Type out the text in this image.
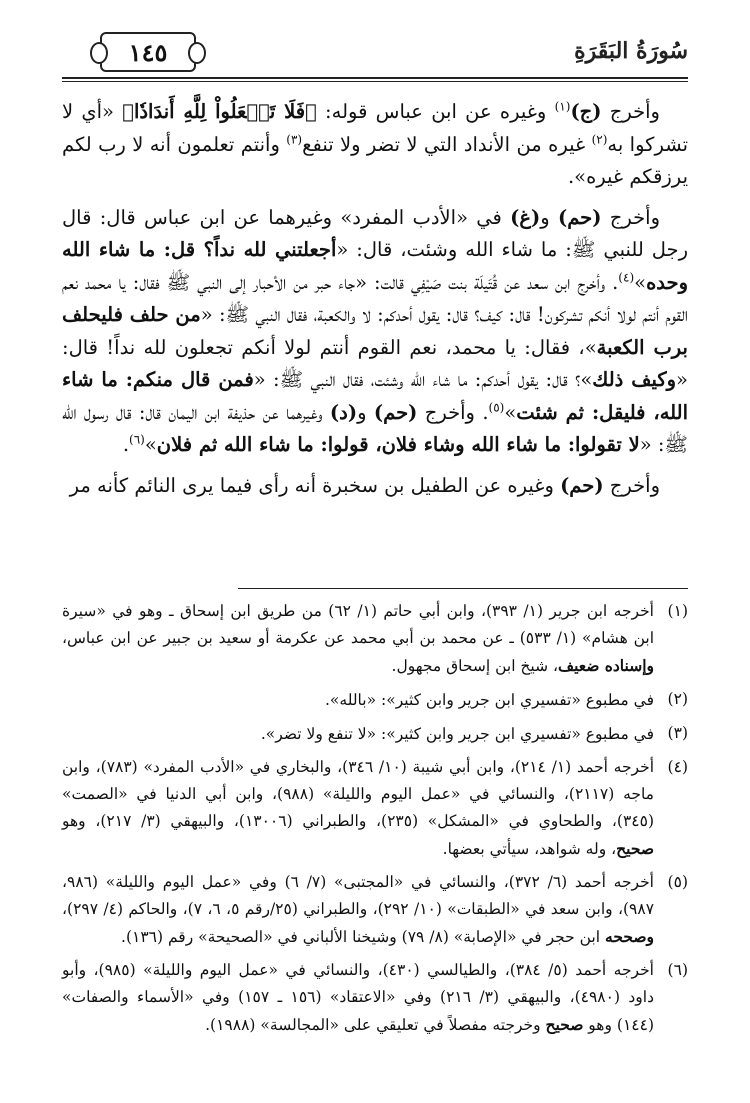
سُورَةُ البَقَرَةِ
١٤٥

وأخرج (ج)$^{(١)}$ وغيره عن ابن عباس قوله: ﴿فَلَا تَجۡعَلُواْ لِلَّهِ أَندَادٗا﴾ «أي لا تشركوا به$^{(٢)}$ غيره من الأنداد التي لا تضر ولا تنفع$^{(٣)}$ وأنتم تعلمون أنه لا رب لكم يرزقكم غيره».

وأخرج (حم) و(غ) في «الأدب المفرد» وغيرهما عن ابن عباس قال: قال رجل للنبي ﷺ: ما شاء الله وشئت، قال: «أجعلتني لله نداً؟ قل: ما شاء الله وحده»$^{(٤)}$. وأخرج ابن سعد عن قُتَيلَة بنت صَيْفِي قالت: «جاء حبر من الأحبار إلى النبي ﷺ فقال: يا محمد نعم القوم أنتم لولا أنكم تشركون! قال: كيف؟ قال: يقول أحدكم: لا والكعبة، فقال النبي ﷺ: «من حلف فليحلف برب الكعبة»، فقال: يا محمد، نعم القوم أنتم لولا أنكم تجعلون لله نداً! قال: «وكيف ذلك»؟ قال: يقول أحدكم: ما شاء الله وشئت، فقال النبي ﷺ: «فمن قال منكم: ما شاء الله، فليقل: ثم شئت»$^{(٥)}$. وأخرج (حم) و(د) وغيرهما عن حذيفة ابن اليمان قال: قال رسول الله ﷺ: «لا تقولوا: ما شاء الله وشاء فلان، قولوا: ما شاء الله ثم فلان»$^{(٦)}$.

وأخرج (حم) وغيره عن الطفيل بن سخبرة أنه رأى فيما يرى النائم كأنه مر

(١)
أخرجه ابن جرير (١/ ٣٩٣)، وابن أبي حاتم (١/ ٦٢) من طريق ابن إسحاق ـ وهو في «سيرة ابن هشام» (١/ ٥٣٣) ـ عن محمد بن أبي محمد عن عكرمة أو سعيد بن جبير عن ابن عباس، وإسناده ضعيف، شيخ ابن إسحاق مجهول.
(٢)
في مطبوع «تفسيري ابن جرير وابن كثير»: «بالله».
(٣)
في مطبوع «تفسيري ابن جرير وابن كثير»: «لا تنفع ولا تضر».
(٤)
أخرجه أحمد (١/ ٢١٤)، وابن أبي شيبة (١٠/ ٣٤٦)، والبخاري في «الأدب المفرد» (٧٨٣)، وابن ماجه (٢١١٧)، والنسائي في «عمل اليوم والليلة» (٩٨٨)، وابن أبي الدنيا في «الصمت» (٣٤٥)، والطحاوي في «المشكل» (٢٣٥)، والطبراني (١٣٠٠٦)، والبيهقي (٣/ ٢١٧)، وهو صحيح، وله شواهد، سيأتي بعضها.
(٥)
أخرجه أحمد (٦/ ٣٧٢)، والنسائي في «المجتبى» (٧/ ٦) وفي «عمل اليوم والليلة» (٩٨٦، ٩٨٧)، وابن سعد في «الطبقات» (١٠/ ٢٩٢)، والطبراني (٢٥/رقم ٥، ٦، ٧)، والحاكم (٤/ ٢٩٧)، وصححه ابن حجر في «الإصابة» (٨/ ٧٩) وشيخنا الألباني في «الصحيحة» رقم (١٣٦).
(٦)
أخرجه أحمد (٥/ ٣٨٤)، والطيالسي (٤٣٠)، والنسائي في «عمل اليوم والليلة» (٩٨٥)، وأبو داود (٤٩٨٠)، والبيهقي (٣/ ٢١٦) وفي «الاعتقاد» (١٥٦ ـ ١٥٧) وفي «الأسماء والصفات» (١٤٤) وهو صحيح وخرجته مفصلاً في تعليقي على «المجالسة» (١٩٨٨).
